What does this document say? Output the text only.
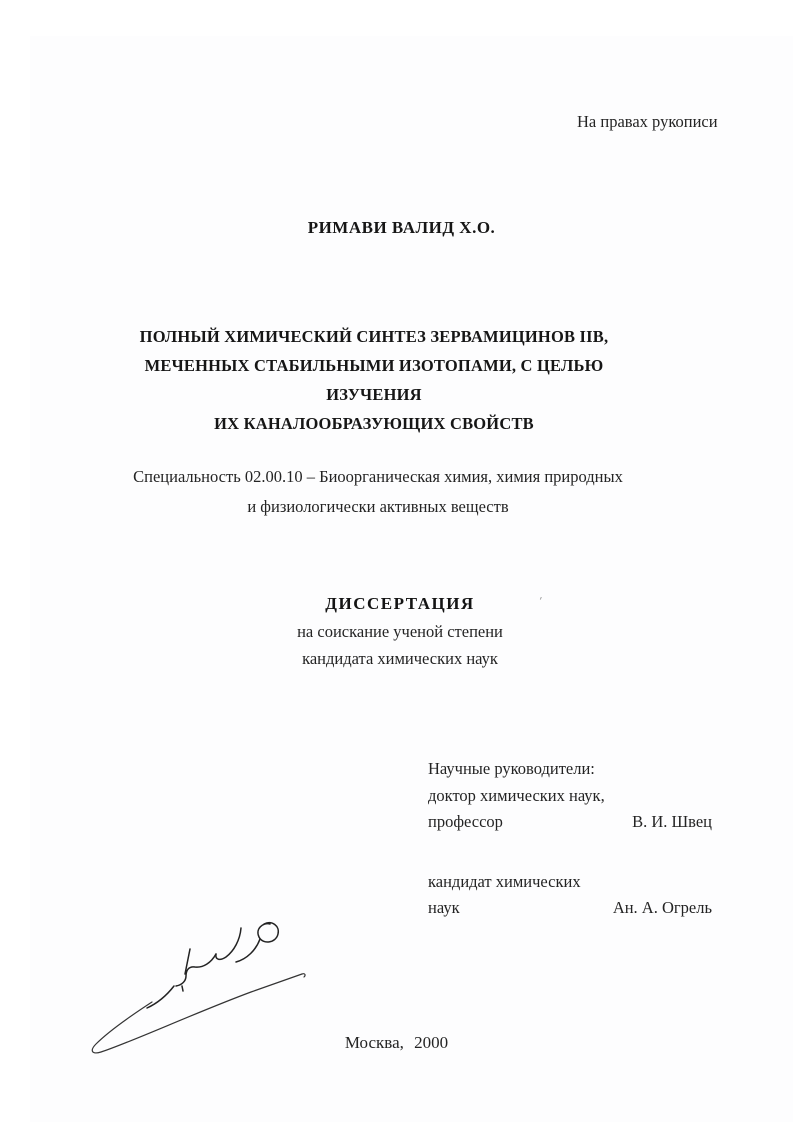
На правах рукописи
РИМАВИ ВАЛИД Х.О.
ПОЛНЫЙ ХИМИЧЕСКИЙ СИНТЕЗ ЗЕРВАМИЦИНОВ IIB,
МЕЧЕННЫХ СТАБИЛЬНЫМИ ИЗОТОПАМИ, С ЦЕЛЬЮ ИЗУЧЕНИЯ
ИХ КАНАЛООБРАЗУЮЩИХ СВОЙСТВ
Специальность 02.00.10 – Биоорганическая химия, химия природных
и физиологически активных веществ
ʹ
ДИССЕРТАЦИЯ
на соискание ученой степени
кандидата химических наук
Научные руководители:
доктор химических наук,
профессор	В. И. Швец
кандидат химических
наук	Ан. А. Огрель
Москва, 2000
